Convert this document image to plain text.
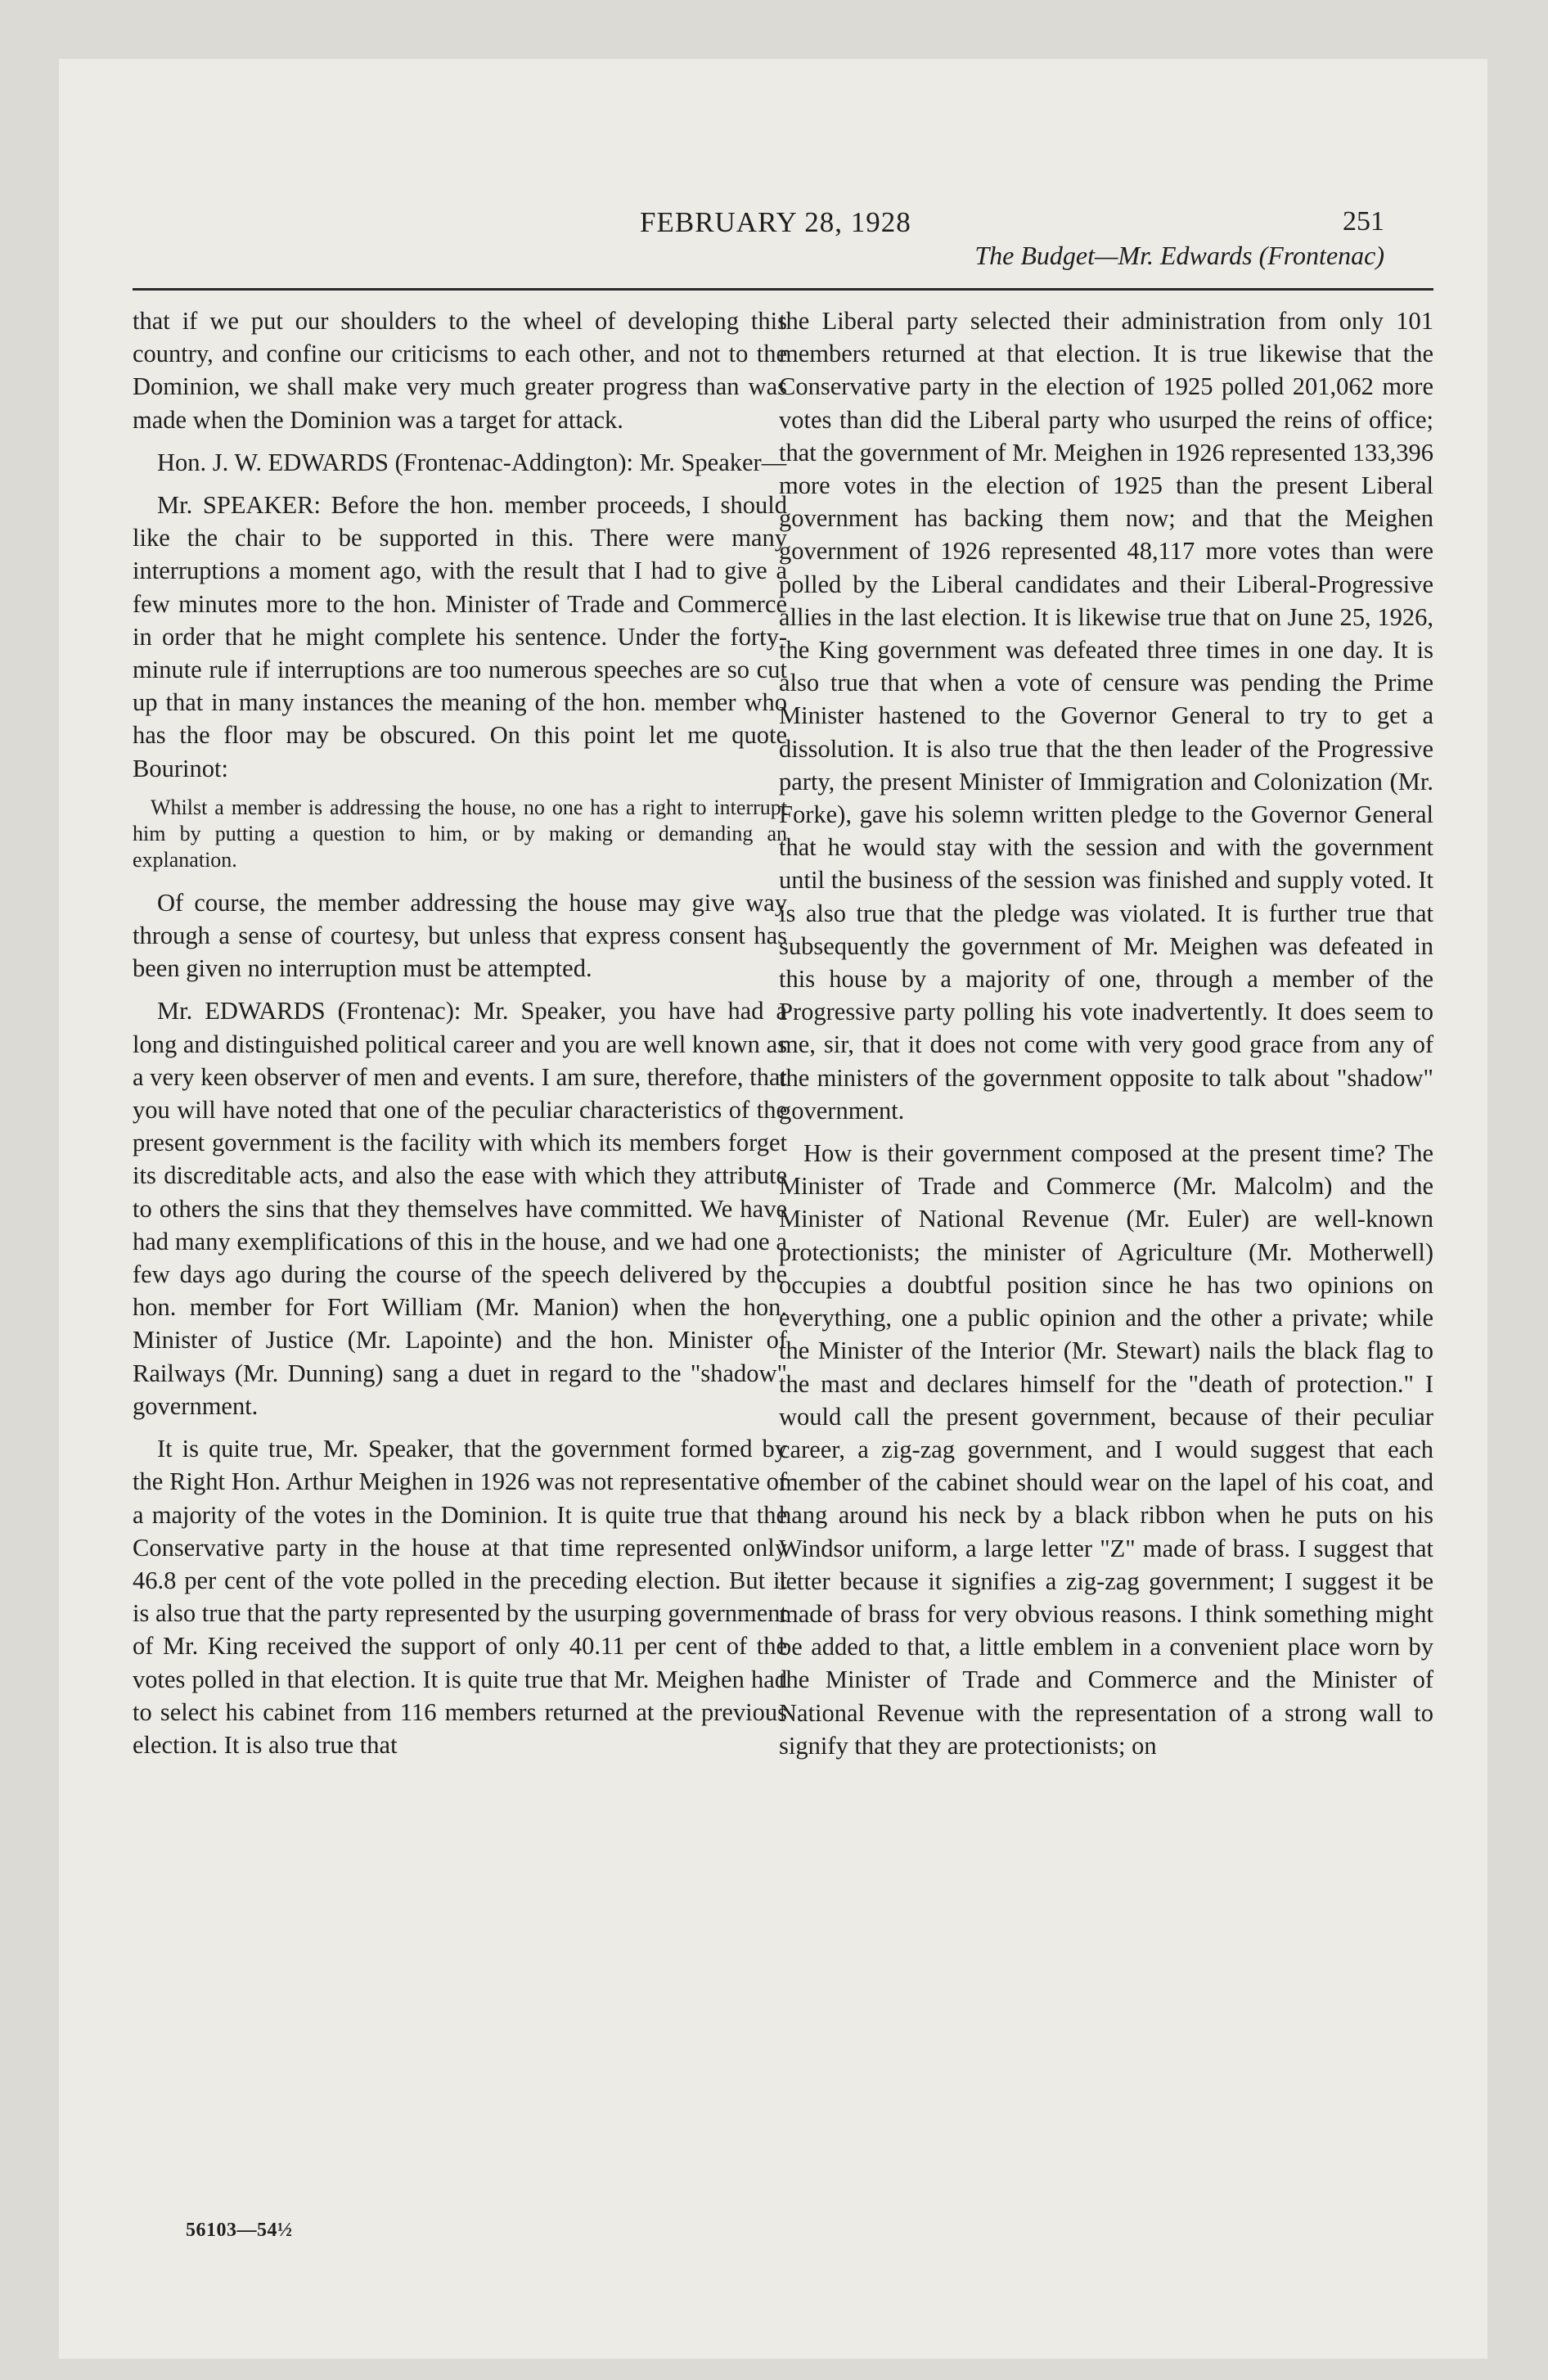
FEBRUARY 28, 1928	251
The Budget—Mr. Edwards (Frontenac)

that if we put our shoulders to the wheel of developing this country, and confine our criticisms to each other, and not to the Dominion, we shall make very much greater progress than was made when the Dominion was a target for attack.

Hon. J. W. EDWARDS (Frontenac-Addington): Mr. Speaker—

Mr. SPEAKER: Before the hon. member proceeds, I should like the chair to be supported in this. There were many interruptions a moment ago, with the result that I had to give a few minutes more to the hon. Minister of Trade and Commerce in order that he might complete his sentence. Under the forty-minute rule if interruptions are too numerous speeches are so cut up that in many instances the meaning of the hon. member who has the floor may be obscured. On this point let me quote Bourinot:

Whilst a member is addressing the house, no one has a right to interrupt him by putting a question to him, or by making or demanding an explanation.

Of course, the member addressing the house may give way through a sense of courtesy, but unless that express consent has been given no interruption must be attempted.

Mr. EDWARDS (Frontenac): Mr. Speaker, you have had a long and distinguished political career and you are well known as a very keen observer of men and events. I am sure, therefore, that you will have noted that one of the peculiar characteristics of the present government is the facility with which its members forget its discreditable acts, and also the ease with which they attribute to others the sins that they themselves have committed. We have had many exemplifications of this in the house, and we had one a few days ago during the course of the speech delivered by the hon. member for Fort William (Mr. Manion) when the hon. Minister of Justice (Mr. Lapointe) and the hon. Minister of Railways (Mr. Dunning) sang a duet in regard to the "shadow" government.

It is quite true, Mr. Speaker, that the government formed by the Right Hon. Arthur Meighen in 1926 was not representative of a majority of the votes in the Dominion. It is quite true that the Conservative party in the house at that time represented only 46.8 per cent of the vote polled in the preceding election. But it is also true that the party represented by the usurping government of Mr. King received the support of only 40.11 per cent of the votes polled in that election. It is quite true that Mr. Meighen had to select his cabinet from 116 members returned at the previous election. It is also true that

the Liberal party selected their administration from only 101 members returned at that election. It is true likewise that the Conservative party in the election of 1925 polled 201,062 more votes than did the Liberal party who usurped the reins of office; that the government of Mr. Meighen in 1926 represented 133,396 more votes in the election of 1925 than the present Liberal government has backing them now; and that the Meighen government of 1926 represented 48,117 more votes than were polled by the Liberal candidates and their Liberal-Progressive allies in the last election. It is likewise true that on June 25, 1926, the King government was defeated three times in one day. It is also true that when a vote of censure was pending the Prime Minister hastened to the Governor General to try to get a dissolution. It is also true that the then leader of the Progressive party, the present Minister of Immigration and Colonization (Mr. Forke), gave his solemn written pledge to the Governor General that he would stay with the session and with the government until the business of the session was finished and supply voted. It is also true that the pledge was violated. It is further true that subsequently the government of Mr. Meighen was defeated in this house by a majority of one, through a member of the Progressive party polling his vote inadvertently. It does seem to me, sir, that it does not come with very good grace from any of the ministers of the government opposite to talk about "shadow" government.

How is their government composed at the present time? The Minister of Trade and Commerce (Mr. Malcolm) and the Minister of National Revenue (Mr. Euler) are well-known protectionists; the minister of Agriculture (Mr. Motherwell) occupies a doubtful position since he has two opinions on everything, one a public opinion and the other a private; while the Minister of the Interior (Mr. Stewart) nails the black flag to the mast and declares himself for the "death of protection." I would call the present government, because of their peculiar career, a zig-zag government, and I would suggest that each member of the cabinet should wear on the lapel of his coat, and hang around his neck by a black ribbon when he puts on his Windsor uniform, a large letter "Z" made of brass. I suggest that letter because it signifies a zig-zag government; I suggest it be made of brass for very obvious reasons. I think something might be added to that, a little emblem in a convenient place worn by the Minister of Trade and Commerce and the Minister of National Revenue with the representation of a strong wall to signify that they are protectionists; on

56103—54½
